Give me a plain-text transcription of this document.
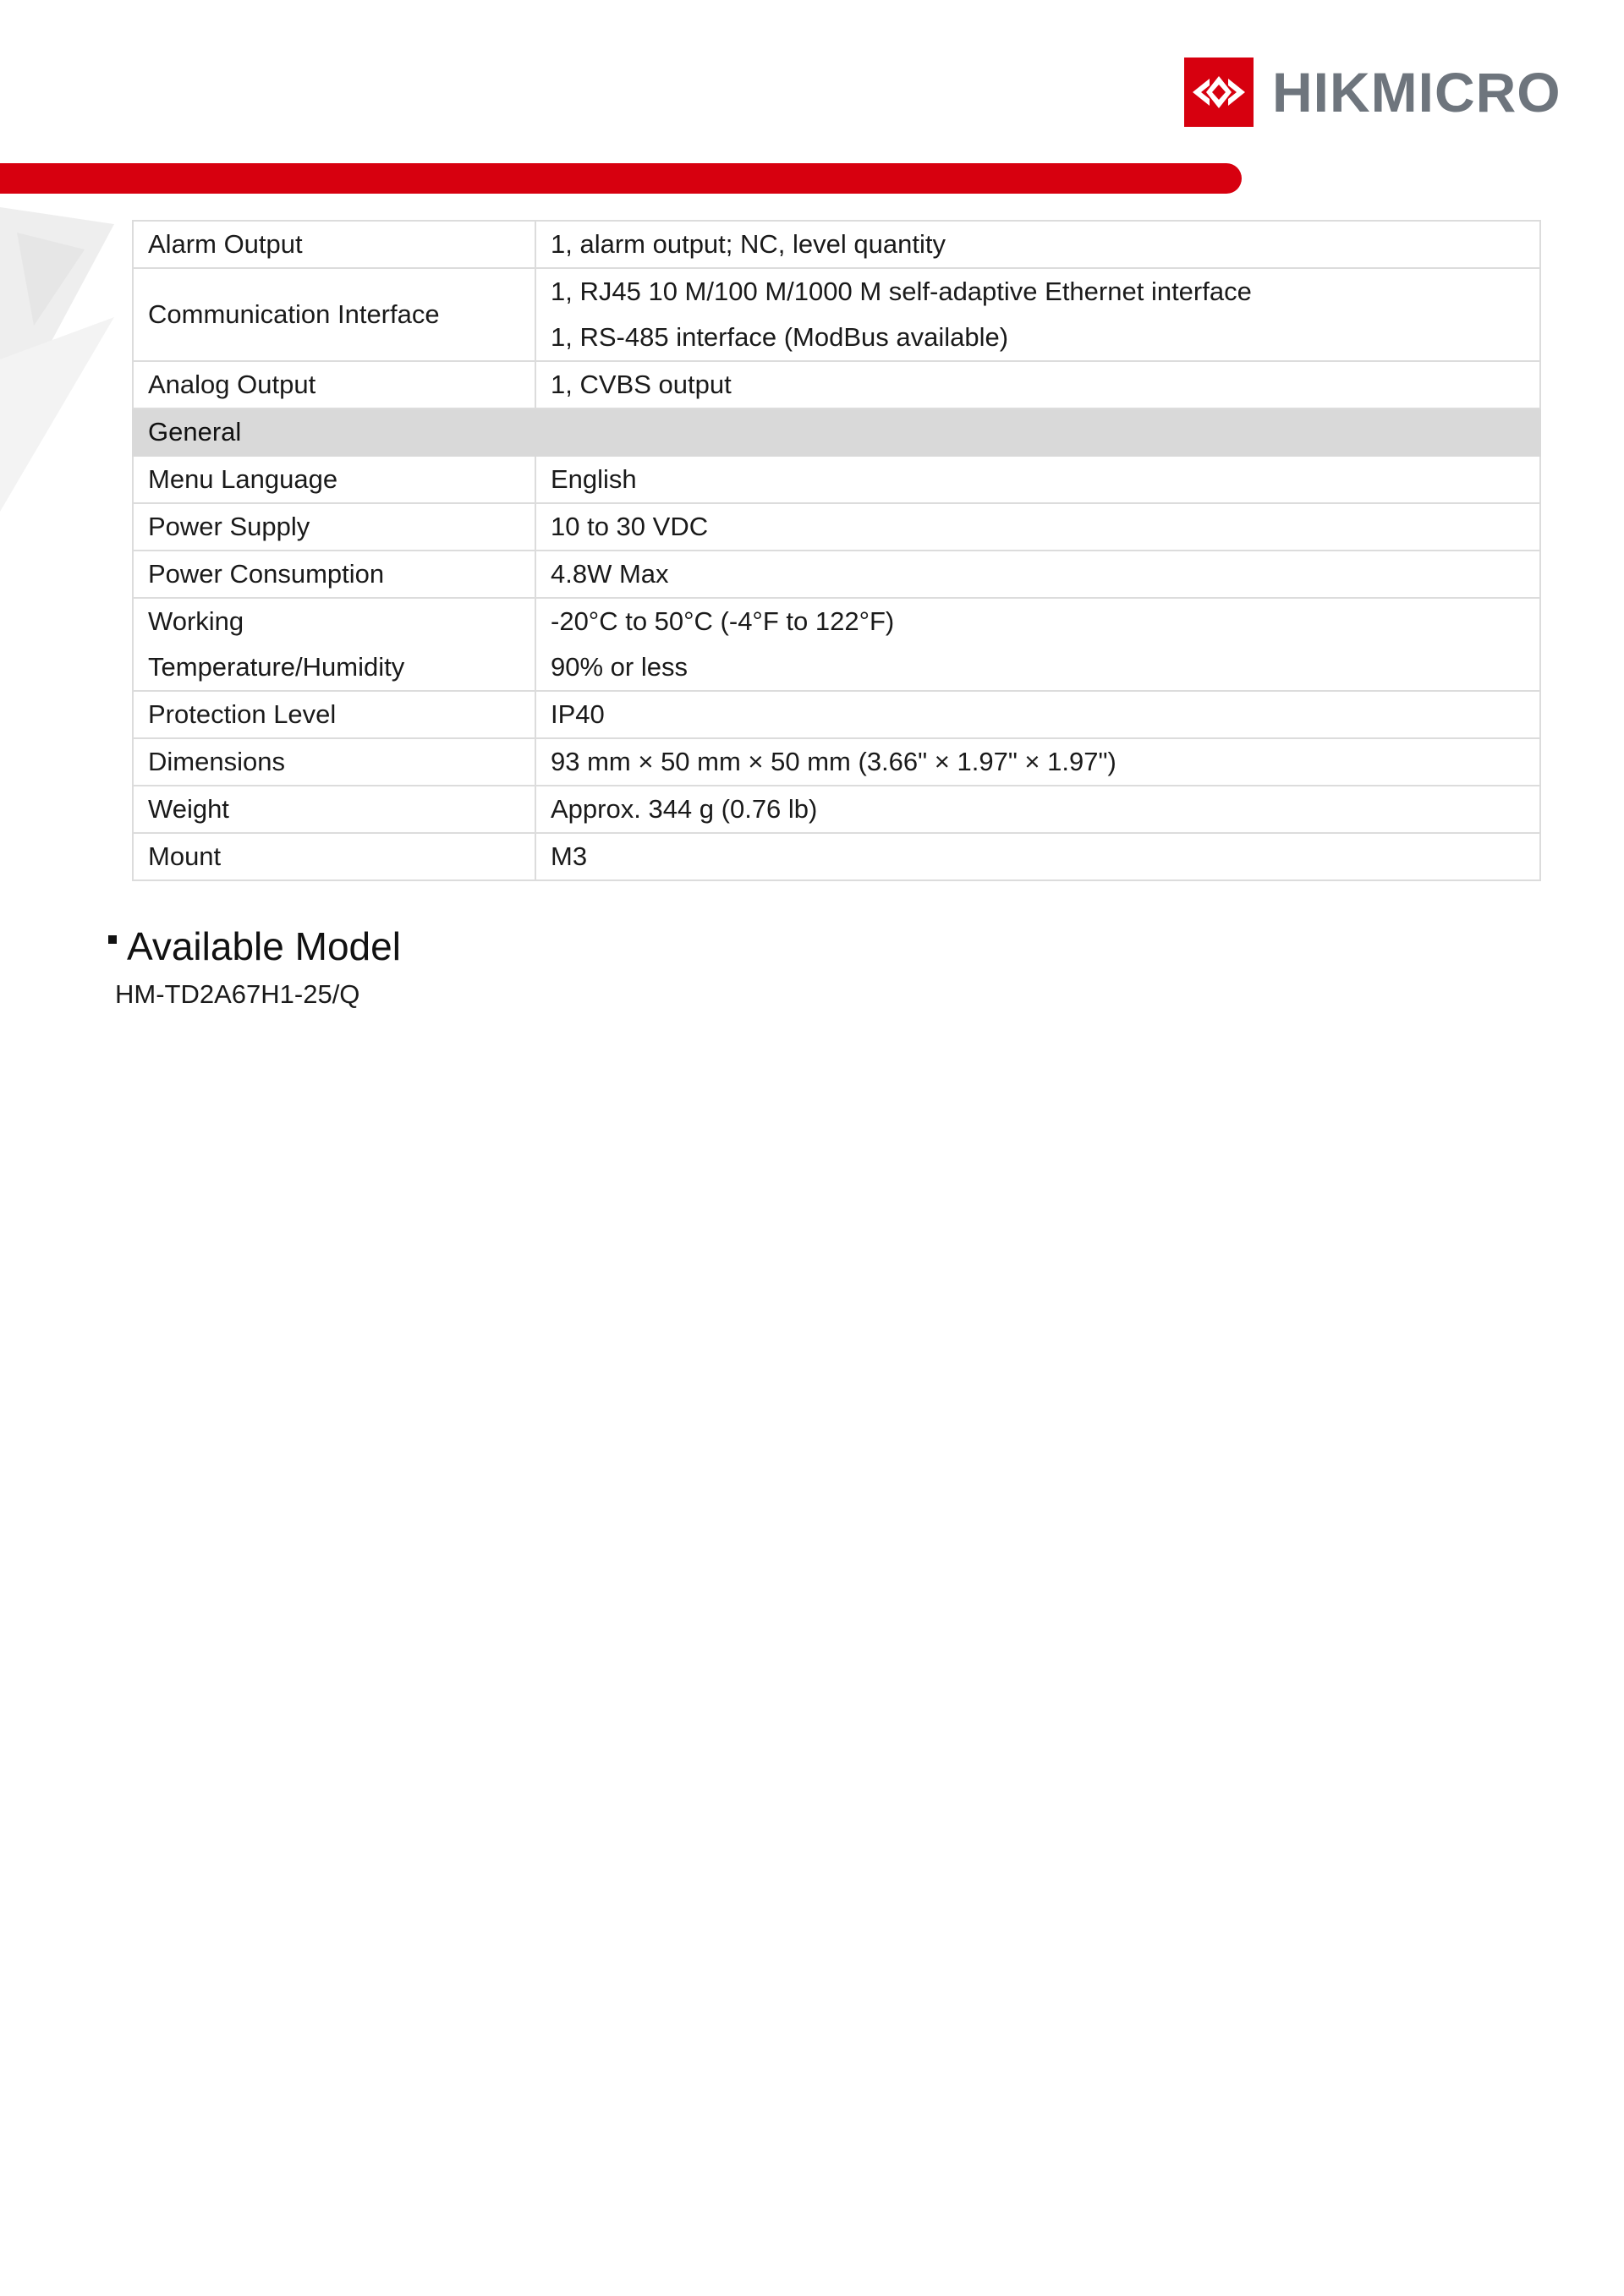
HIKMICRO
Alarm Output	1, alarm output; NC, level quantity

Communication Interface	1, RJ45 10 M/100 M/1000 M self-adaptive Ethernet interface
1, RS-485 interface (ModBus available)

Analog Output	1, CVBS output

General	
Menu Language	English

Power Supply	10 to 30 VDC

Power Consumption	4.8W Max

Working
Temperature/Humidity	-20°C to 50°C (-4°F to 122°F)
90% or less

Protection Level	IP40

Dimensions	93 mm × 50 mm × 50 mm (3.66" × 1.97" × 1.97")

Weight	Approx. 344 g (0.76 lb)

Mount	M3
Available Model
HM-TD2A67H1-25/Q
